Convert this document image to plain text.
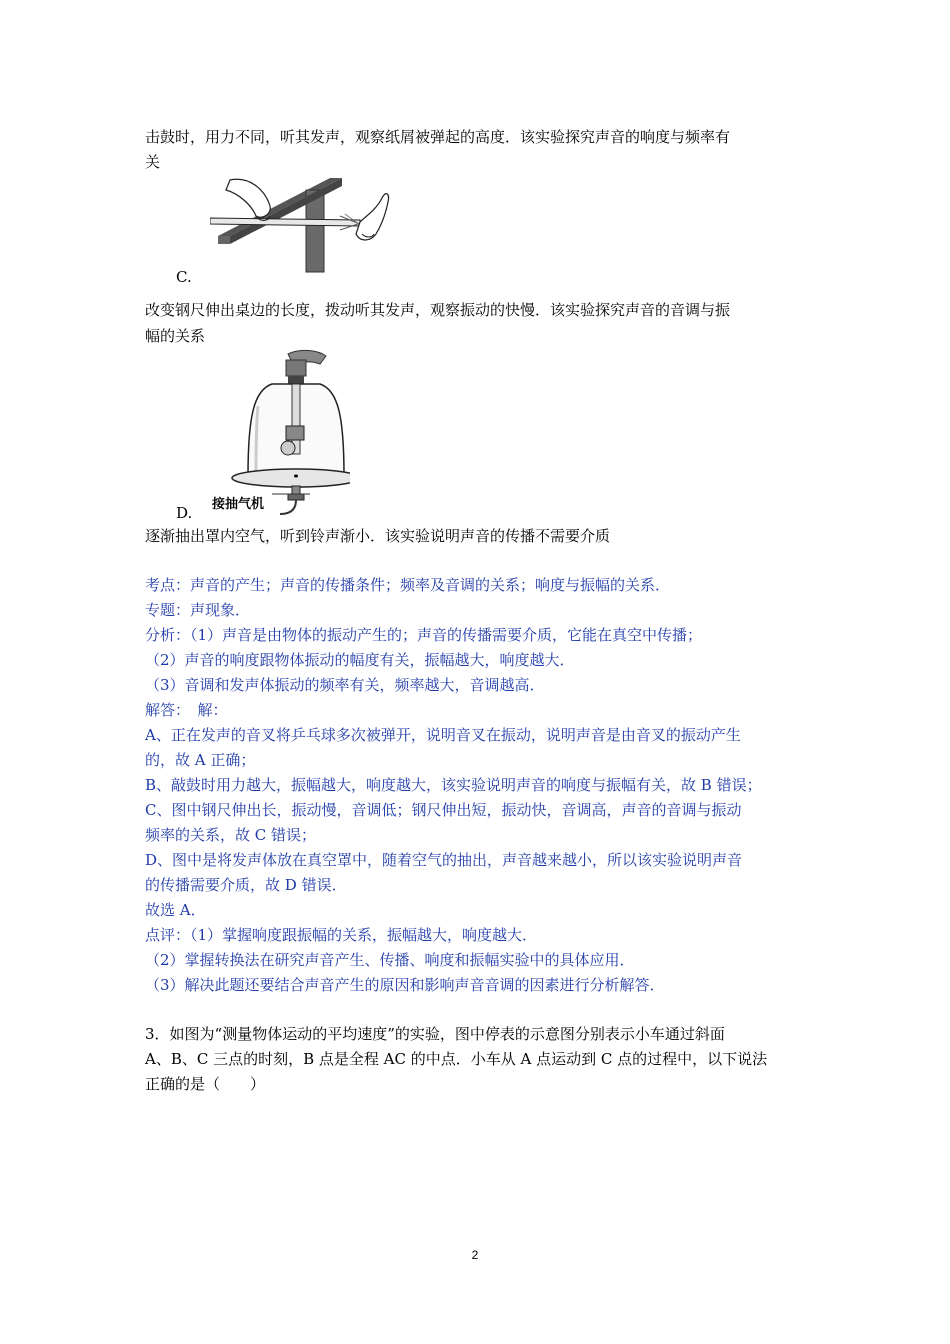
击鼓时，用力不同，听其发声，观察纸屑被弹起的高度．该实验探究声音的响度与频率有
关
C.
改变钢尺伸出桌边的长度，拨动听其发声，观察振动的快慢．该实验探究声音的音调与振
幅的关系
接抽气机
D.
逐渐抽出罩内空气，听到铃声渐小．该实验说明声音的传播不需要介质
考点：声音的产生；声音的传播条件；频率及音调的关系；响度与振幅的关系．
专题：声现象．
分析：（1）声音是由物体的振动产生的；声音的传播需要介质，它能在真空中传播；
（2）声音的响度跟物体振动的幅度有关，振幅越大，响度越大．
（3）音调和发声体振动的频率有关，频率越大，音调越高．
解答：　解：
A、正在发声的音叉将乒乓球多次被弹开，说明音叉在振动，说明声音是由音叉的振动产生
的，故 A 正确；
B、敲鼓时用力越大，振幅越大，响度越大，该实验说明声音的响度与振幅有关，故 B 错误；
C、图中钢尺伸出长，振动慢，音调低；钢尺伸出短，振动快，音调高，声音的音调与振动
频率的关系，故 C 错误；
D、图中是将发声体放在真空罩中，随着空气的抽出，声音越来越小，所以该实验说明声音
的传播需要介质，故 D 错误．
故选 A．
点评：（1）掌握响度跟振幅的关系，振幅越大，响度越大．
（2）掌握转换法在研究声音产生、传播、响度和振幅实验中的具体应用．
（3）解决此题还要结合声音产生的原因和影响声音音调的因素进行分析解答．
3．如图为“测量物体运动的平均速度”的实验，图中停表的示意图分别表示小车通过斜面
A、B、C 三点的时刻，B 点是全程 AC 的中点．小车从 A 点运动到 C 点的过程中，以下说法
正确的是（　　）
2
